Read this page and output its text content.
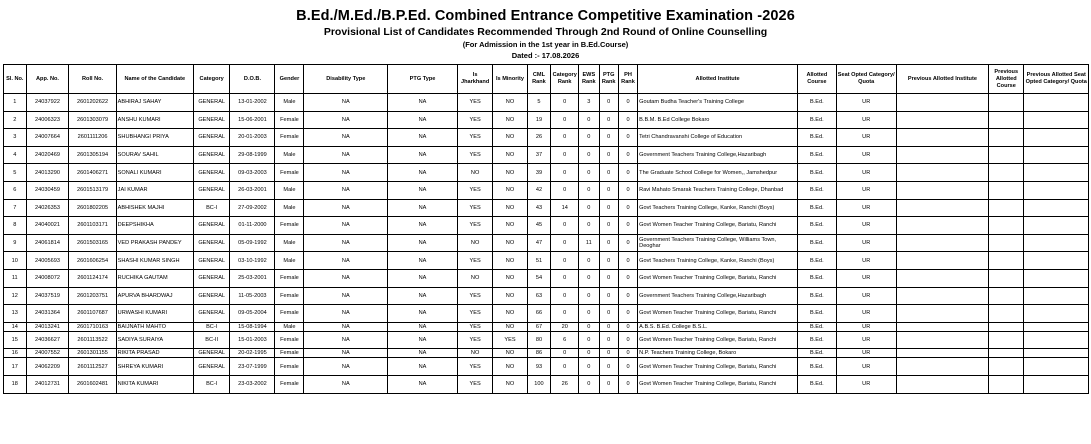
B.Ed./M.Ed./B.P.Ed. Combined Entrance Competitive Examination -2026
Provisional List of Candidates Recommended Through 2nd Round of Online Counselling
(For Admission in the 1st year in B.Ed.Course)
Dated :- 17.08.2026
Sl. No.	App. No.	Roll No.	Name of the Candidate	Category	D.O.B.	Gender	Disability Type	PTG Type	Is Jharkhand	Is Minority	CML Rank	Category Rank	EWS Rank	PTG Rank	PH Rank	Allotted Institute	Allotted Course	Seat Opted Category/ Quota	Previous Allotted Institute	Previous Allotted Course	Previous Allotted Seat Opted Category/ Quota
1	24037922	2601202622	ABHIRAJ SAHAY	GENERAL	13-01-2002	Male	NA	NA	YES	NO	5	0	3	0	0	Goutam Budha Teacher's Training College	B.Ed.	UR			
2	24006323	2601303079	ANSHU KUMARI	GENERAL	15-06-2001	Female	NA	NA	YES	NO	19	0	0	0	0	B.B.M. B.Ed College Bokaro	B.Ed.	UR			
3	24007664	2601111206	SHUBHANGI PRIYA	GENERAL	20-01-2003	Female	NA	NA	YES	NO	26	0	0	0	0	Tetri Chandravanshi College of Education	B.Ed.	UR			
4	24020469	2601305194	SOURAV SAHIL	GENERAL	29-08-1999	Male	NA	NA	YES	NO	37	0	0	0	0	Government Teachers Training College,Hazaribagh	B.Ed.	UR			
5	24013290	2601406271	SONALI KUMARI	GENERAL	09-03-2003	Female	NA	NA	NO	NO	39	0	0	0	0	The Graduate School College for Women,, Jamshedpur	B.Ed.	UR			
6	24030459	2601513179	JAI KUMAR	GENERAL	26-03-2001	Male	NA	NA	YES	NO	42	0	0	0	0	Ravi Mahato Smarak Teachers Training College, Dhanbad	B.Ed.	UR			
7	24026353	2601802205	ABHISHEK MAJHI	BC-I	27-09-2002	Male	NA	NA	YES	NO	43	14	0	0	0	Govt Teachers Training College, Kanke, Ranchi (Boys)	B.Ed.	UR			
8	24040021	2601103171	DEEPSHIKHA	GENERAL	01-11-2000	Female	NA	NA	YES	NO	45	0	0	0	0	Govt Women Teacher Training College, Bariatu, Ranchi	B.Ed.	UR			
9	24061814	2601503165	VED PRAKASH PANDEY	GENERAL	05-09-1992	Male	NA	NA	NO	NO	47	0	11	0	0	Government Teachers Training College, Williams Town, Deoghar	B.Ed.	UR			
10	24005693	2601606254	SHASHI KUMAR SINGH	GENERAL	03-10-1992	Male	NA	NA	YES	NO	51	0	0	0	0	Govt Teachers Training College, Kanke, Ranchi (Boys)	B.Ed.	UR			
11	24008072	2601124174	RUCHIKA GAUTAM	GENERAL	25-03-2001	Female	NA	NA	NO	NO	54	0	0	0	0	Govt Women Teacher Training College, Bariatu, Ranchi	B.Ed.	UR			
12	24037519	2601203751	APURVA BHARDWAJ	GENERAL	11-05-2003	Female	NA	NA	YES	NO	63	0	0	0	0	Government Teachers Training College,Hazaribagh	B.Ed.	UR			
13	24031364	2601107687	URWASHI KUMARI	GENERAL	09-05-2004	Female	NA	NA	YES	NO	66	0	0	0	0	Govt Women Teacher Training College, Bariatu, Ranchi	B.Ed.	UR			
14	24013241	2601710163	BAIJNATH MAHTO	BC-I	15-08-1994	Male	NA	NA	YES	NO	67	20	0	0	0	A.B.S. B.Ed. College B.S.L.	B.Ed.	UR			
15	24036627	2601113522	SADIYA SURAIYA	BC-II	15-01-2003	Female	NA	NA	YES	YES	80	6	0	0	0	Govt Women Teacher Training College, Bariatu, Ranchi	B.Ed.	UR			
16	24007552	2601301155	RIKITA PRASAD	GENERAL	20-02-1995	Female	NA	NA	NO	NO	86	0	0	0	0	N.P. Teachers Training College, Bokaro	B.Ed.	UR			
17	24062209	2601112527	SHREYA KUMARI	GENERAL	23-07-1999	Female	NA	NA	YES	NO	93	0	0	0	0	Govt Women Teacher Training College, Bariatu, Ranchi	B.Ed.	UR			
18	24012731	2601602481	NIKITA KUMARI	BC-I	23-03-2002	Female	NA	NA	YES	NO	100	26	0	0	0	Govt Women Teacher Training College, Bariatu, Ranchi	B.Ed.	UR			
